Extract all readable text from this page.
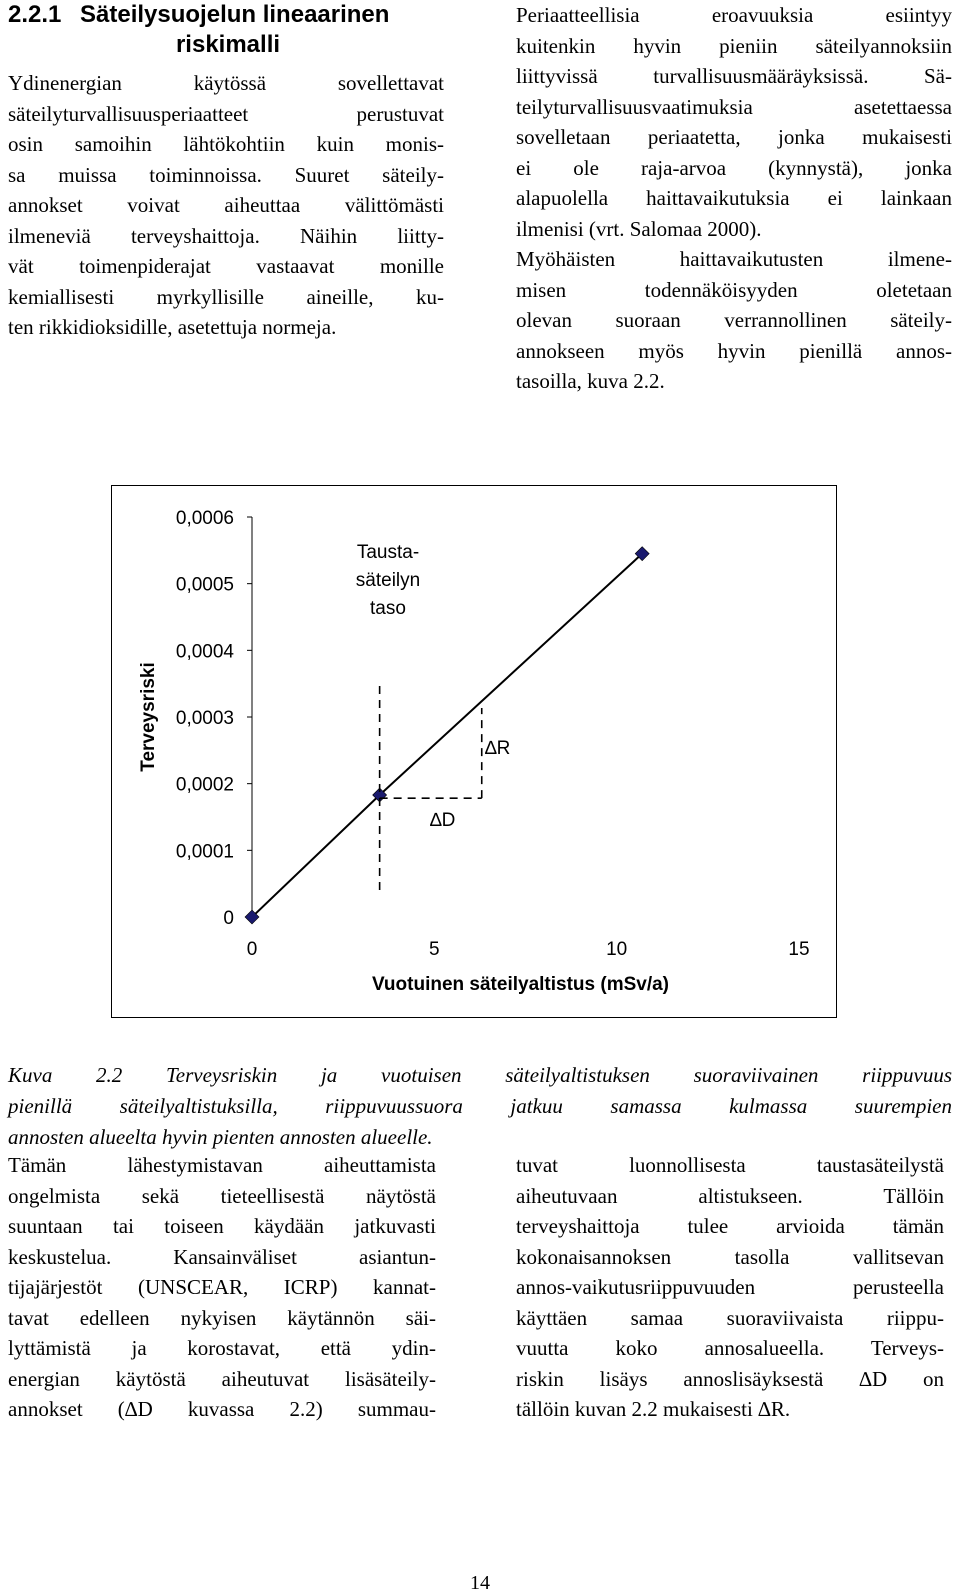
2.2.1 Säteilysuojelun lineaarinen
riskimalli
Ydinenergian käytössä sovellettavat
säteilyturvallisuusperiaatteet perustuvat
osin samoihin lähtökohtiin kuin monis-
sa muissa toiminnoissa. Suuret säteily-
annokset voivat aiheuttaa välittömästi
ilmeneviä terveyshaittoja. Näihin liitty-
vät toimenpiderajat vastaavat monille
kemiallisesti myrkyllisille aineille, ku-
ten rikkidioksidille, asetettuja normeja.
Periaatteellisia eroavuuksia esiintyy
kuitenkin hyvin pieniin säteilyannoksiin
liittyvissä turvallisuusmääräyksissä. Sä-
teilyturvallisuusvaatimuksia asetettaessa
sovelletaan periaatetta, jonka mukaisesti
ei ole raja-arvoa (kynnystä), jonka
alapuolella haittavaikutuksia ei lainkaan
ilmenisi (vrt. Salomaa 2000).
Myöhäisten haittavaikutusten ilmene-
misen todennäköisyyden oletetaan
olevan suoraan verrannollinen säteily-
annokseen myös hyvin pienillä annos-
tasoilla, kuva 2.2.
0
0,0001
0,0002
0,0003
0,0004
0,0005
0,0006
0	5	10	15
Vuotuinen säteilyaltistus (mSv/a)
Terveysriski
Tausta-
säteilyn
taso
∆D
∆R
Kuva 2.2 Terveysriskin ja vuotuisen säteilyaltistuksen suoraviivainen riippuvuus
pienillä säteilyaltistuksilla, riippuvuussuora jatkuu samassa kulmassa suurempien
annosten alueelta hyvin pienten annosten alueelle.
Tämän lähestymistavan aiheuttamista
ongelmista sekä tieteellisestä näytöstä
suuntaan tai toiseen käydään jatkuvasti
keskustelua. Kansainväliset asiantun-
tijajärjestöt (UNSCEAR, ICRP) kannat-
tavat edelleen nykyisen käytännön säi-
lyttämistä ja korostavat, että ydin-
energian käytöstä aiheutuvat lisäsäteily-
annokset (∆D kuvassa 2.2) summau-
tuvat luonnollisesta taustasäteilystä
aiheutuvaan altistukseen. Tällöin
terveyshaittoja tulee arvioida tämän
kokonaisannoksen tasolla vallitsevan
annos-vaikutusriippuvuuden perusteella
käyttäen samaa suoraviivaista riippu-
vuutta koko annosalueella. Terveys-
riskin lisäys annoslisäyksestä ∆D on
tällöin kuvan 2.2 mukaisesti ∆R.
14
